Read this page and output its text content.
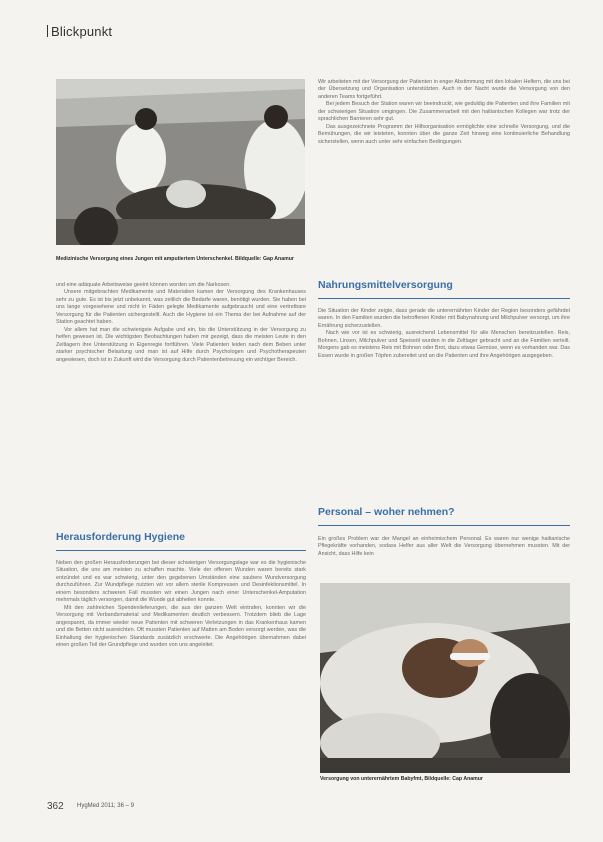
Blickpunkt
Medizinische Versorgung eines Jungen mit amputiertem Unterschenkel. Bildquelle: Gap Anamur

und eine adäquate Arbeitsweise geeint können worden um die Narkosen.

Unsere mitgebrachten Medikamente und Materialien kamen der Versorgung des Krankenhauses sehr zu gute. Es ist bis jetzt unbekannt, was zeitlich die Bedarfe waren, benötigt wurden. Sie haben bei uns lange vorgesehene und nicht in Fäden gelegte Medikamente aufgebraucht und eine vertretbare Versorgung für die Patienten sichergestellt. Auch die Hygiene ist ein Thema der bei Aufnahme auf der Station geachtet haben.

Vor allem hat man die schwierigste Aufgabe und ein, bis die Unterstützung in der Versorgung zu helfen gewesen ist. Die wichtigsten Beobachtungen haben mir gezeigt, dass die meisten Leute in den Zeltlagern ihre Unterstützung in Eigenregie fortführen. Viele Patienten leiden nach dem Beben unter starker psychischer Belastung und man ist auf Hilfe durch Psychologen und Psychotherapeuten angewiesen, doch ist in Zukunft wird die Versorgung durch Patientenbetreuung ein wichtiger Bereich.

Herausforderung Hygiene

Neben den großen Herausforderungen bei dieser schwierigen Versorgungslage war es die hygienische Situation, die uns am meisten zu schaffen machte. Viele der offenen Wunden waren bereits stark entzündet und es war schwierig, unter den gegebenen Umständen eine saubere Wundversorgung durchzuführen. Zur Wundpflege nutzten wir vor allem sterile Kompressen und Desinfektionsmittel. In einem besonders schweren Fall mussten wir einen Jungen nach einer Unterschenkel-Amputation mehrmals täglich versorgen, damit die Wunde gut abheilen konnte.

Mit den zahlreichen Spendenlieferungen, die aus der ganzen Welt eintrafen, konnten wir die Versorgung mit Verbandsmaterial und Medikamenten deutlich verbessern. Trotzdem blieb die Lage angespannt, da immer wieder neue Patienten mit schweren Verletzungen in das Krankenhaus kamen und die Betten nicht ausreichten. Oft mussten Patienten auf Matten am Boden versorgt werden, was die Einhaltung der hygienischen Standards zusätzlich erschwerte. Die Angehörigen übernahmen dabei einen großen Teil der Grundpflege und wurden von uns angeleitet.

Wir arbeiteten mit der Versorgung der Patienten in enger Abstimmung mit den lokalen Helfern, die uns bei der Übersetzung und Organisation unterstützten. Auch in der Nacht wurde die Versorgung von den anderen Teams fortgeführt.

Bei jedem Besuch der Station waren wir beeindruckt, wie geduldig die Patienten und ihre Familien mit der schwierigen Situation umgingen. Die Zusammenarbeit mit den haitianischen Kollegen war trotz der sprachlichen Barrieren sehr gut.

Das ausgezeichnete Programm der Hilfsorganisation ermöglichte eine schnelle Versorgung, und die Bemühungen, die wir leisteten, konnten über die ganze Zeit hinweg eine kontinuierliche Behandlung sicherstellen, wenn auch unter sehr einfachen Bedingungen.

Nahrungsmittelversorgung

Die Situation der Kinder zeigte, dass gerade die unterernährten Kinder der Region besonders gefährdet waren. In den Familien wurden die betroffenen Kinder mit Babynahrung und Milchpulver versorgt, um ihre Ernährung sicherzustellen.

Nach wie vor ist es schwierig, ausreichend Lebensmittel für alle Menschen bereitzustellen. Reis, Bohnen, Linsen, Milchpulver und Speiseöl wurden in die Zeltlager gebracht und an die Familien verteilt. Morgens gab es meistens Reis mit Bohnen oder Brot, dazu etwas Gemüse, wenn es vorhanden war. Das Essen wurde in großen Töpfen zubereitet und an die Patienten und ihre Angehörigen ausgegeben.

Personal – woher nehmen?

Ein großes Problem war der Mangel an einheimischem Personal. Es waren nur wenige haitianische Pflegekräfte vorhanden, sodass Helfer aus aller Welt die Versorgung übernehmen mussten. Mit der Ansicht, dass Hilfe kein

Versorgung von unterernährtem Babyfmt, Bildquelle: Cap Anamur
362 HygMed 2011; 36 – 9
